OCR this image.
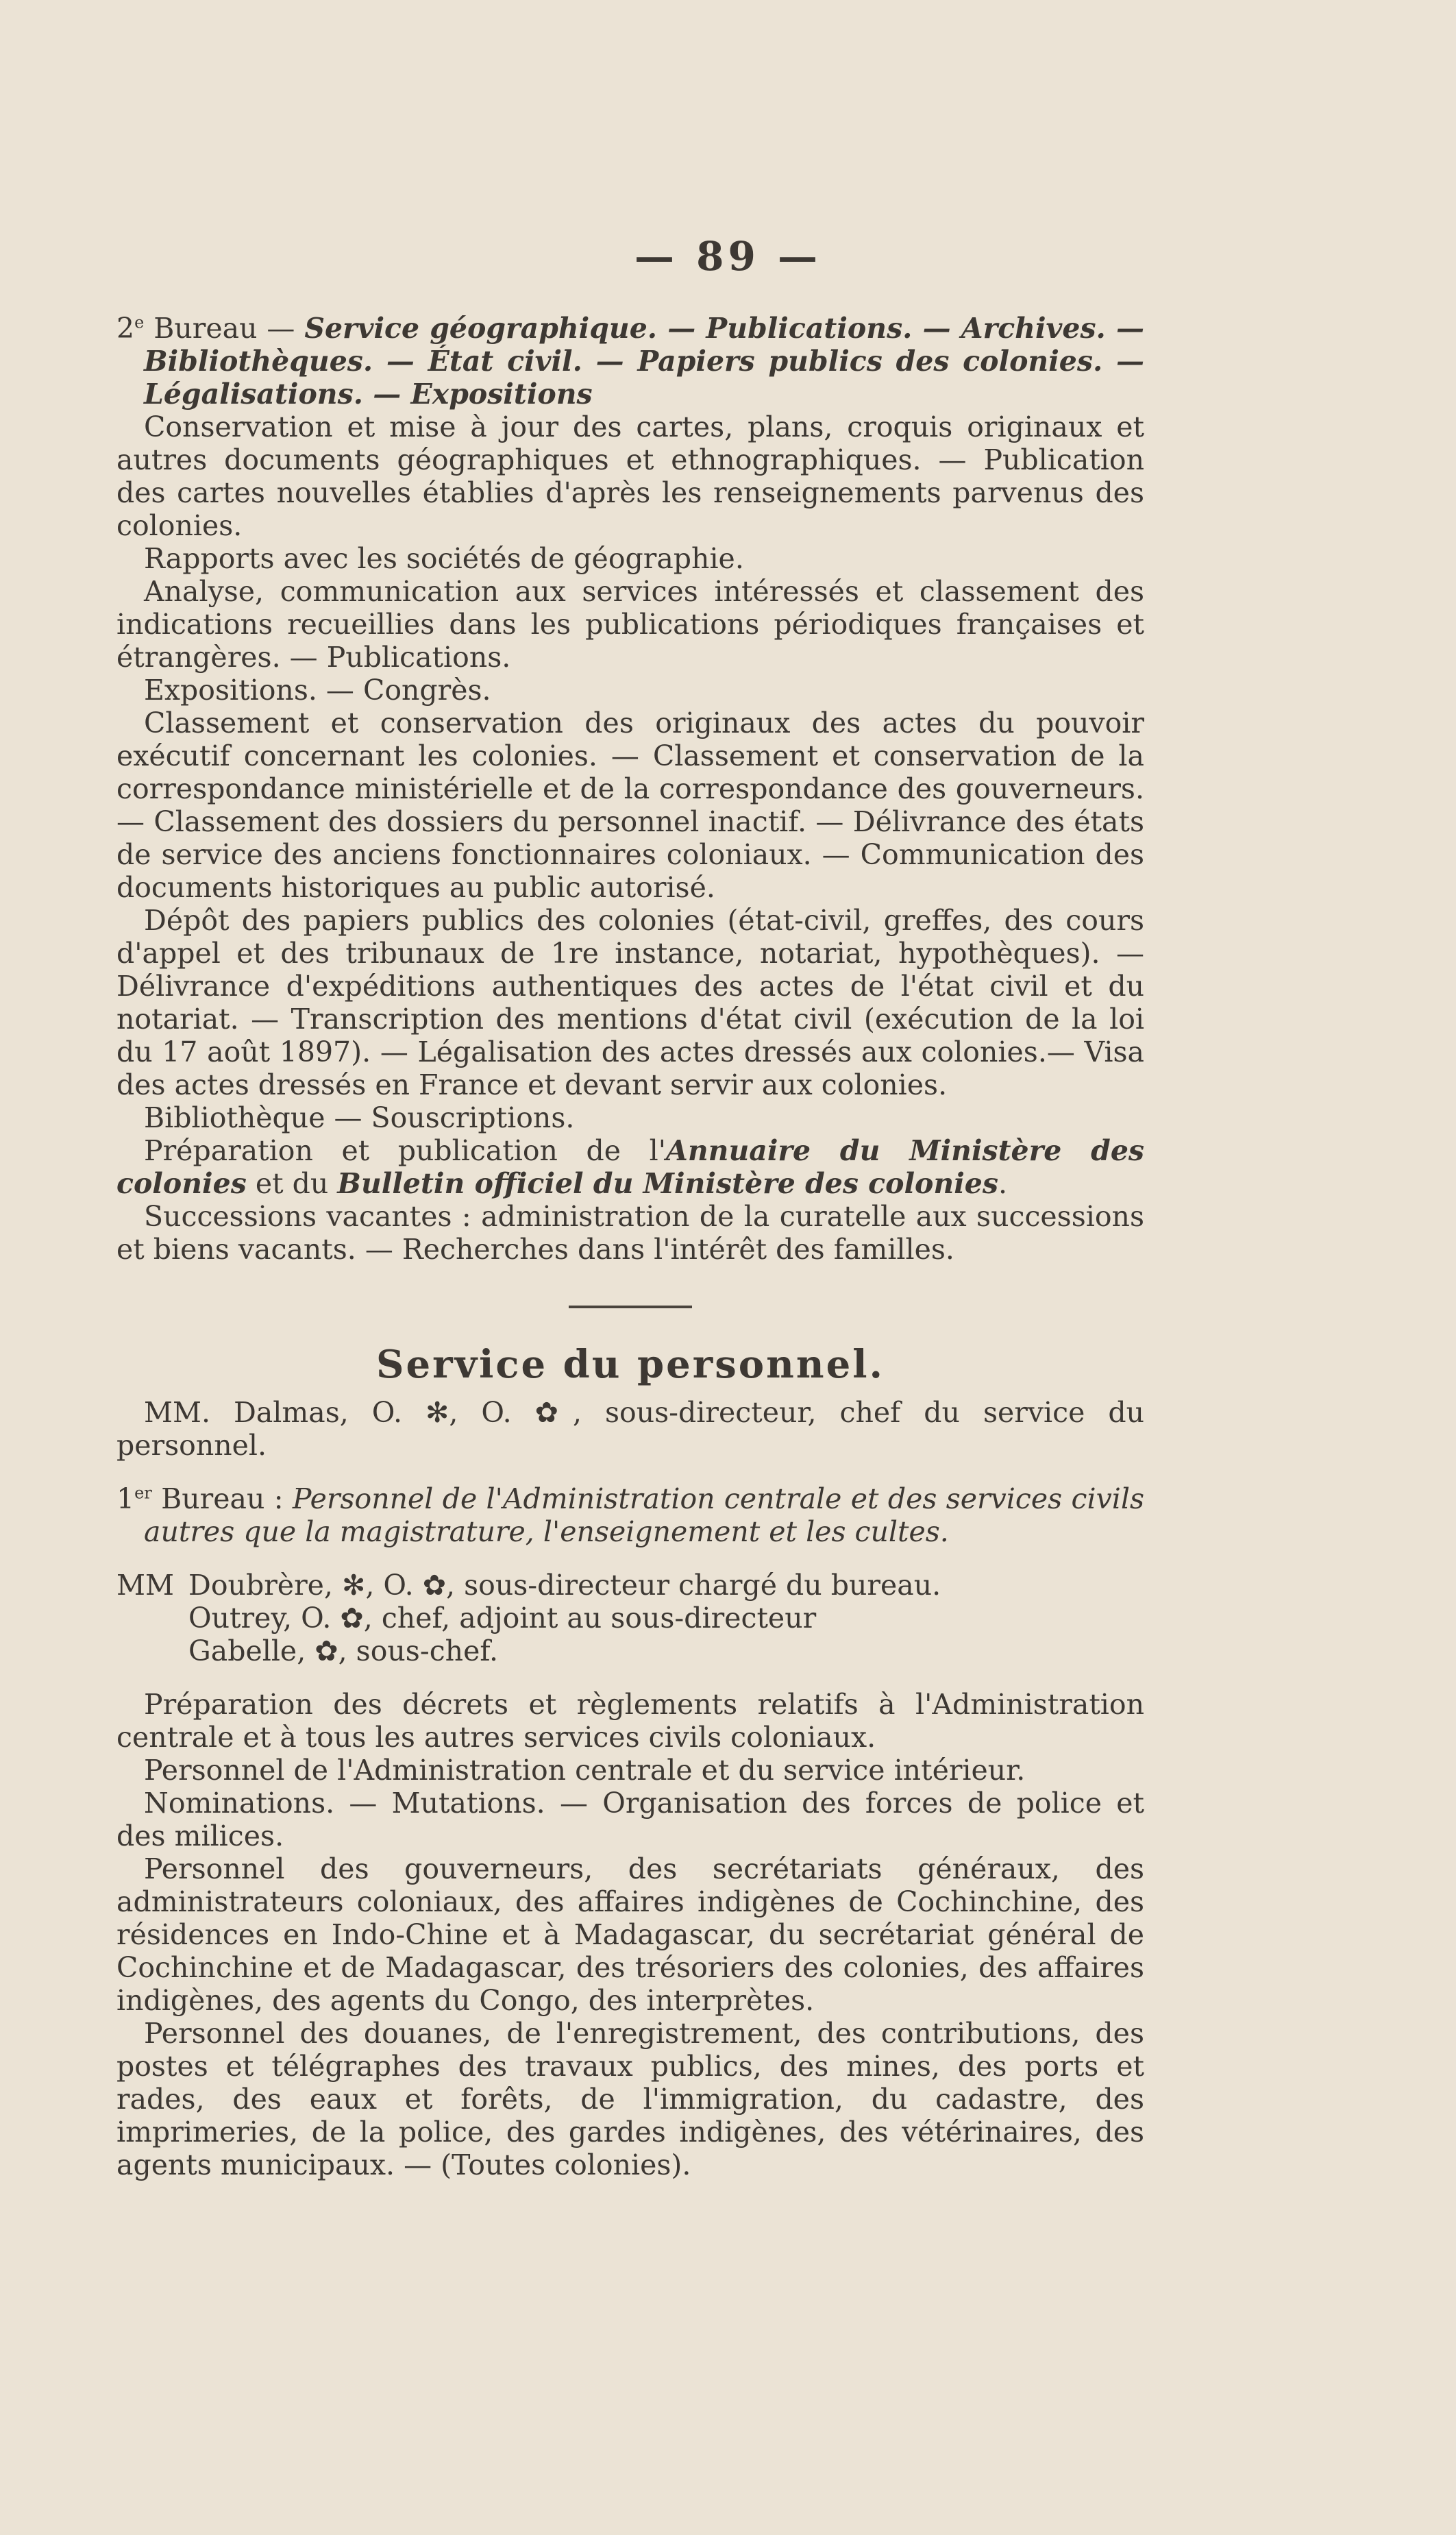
— 89 —

2e Bureau — Service géographique. — Publications. — Archives. — Bibliothèques. — État civil. — Papiers publics des colonies. — Légalisations. — Expositions

Conservation et mise à jour des cartes, plans, croquis originaux et autres documents géographiques et ethnographiques. — Publication des cartes nouvelles établies d'après les renseignements parvenus des colonies.

Rapports avec les sociétés de géographie.

Analyse, communication aux services intéressés et classement des indications recueillies dans les publications périodiques françaises et étrangères. — Publications.

Expositions. — Congrès.

Classement et conservation des originaux des actes du pouvoir exécutif concernant les colonies. — Classement et conservation de la correspondance ministérielle et de la correspondance des gouverneurs. — Classement des dossiers du personnel inactif. — Délivrance des états de service des anciens fonctionnaires coloniaux. — Communication des documents historiques au public autorisé.

Dépôt des papiers publics des colonies (état-civil, greffes, des cours d'appel et des tribunaux de 1re instance, notariat, hypothèques). — Délivrance d'expéditions authentiques des actes de l'état civil et du notariat. — Transcription des mentions d'état civil (exécution de la loi du 17 août 1897). — Légalisation des actes dressés aux colonies.— Visa des actes dressés en France et devant servir aux colonies.

Bibliothèque — Souscriptions.

Préparation et publication de l'Annuaire du Ministère des colonies et du Bulletin officiel du Ministère des colonies.

Successions vacantes : administration de la curatelle aux successions et biens vacants. — Recherches dans l'intérêt des familles.

Service du personnel.

MM. Dalmas, O. ✻, O. ✿, sous-directeur, chef du service du personnel.

1er Bureau : Personnel de l'Administration centrale et des services civils autres que la magistrature, l'enseignement et les cultes.

MM Doubrère, ✻, O. ✿, sous-directeur chargé du bureau.

Outrey, O. ✿, chef, adjoint au sous-directeur

Gabelle, ✿, sous-chef.

Préparation des décrets et règlements relatifs à l'Administration centrale et à tous les autres services civils coloniaux.

Personnel de l'Administration centrale et du service intérieur.

Nominations. — Mutations. — Organisation des forces de police et des milices.

Personnel des gouverneurs, des secrétariats généraux, des administrateurs coloniaux, des affaires indigènes de Cochinchine, des résidences en Indo-Chine et à Madagascar, du secrétariat général de Cochinchine et de Madagascar, des trésoriers des colonies, des affaires indigènes, des agents du Congo, des interprètes.

Personnel des douanes, de l'enregistrement, des contributions, des postes et télégraphes des travaux publics, des mines, des ports et rades, des eaux et forêts, de l'immigration, du cadastre, des imprimeries, de la police, des gardes indigènes, des vétérinaires, des agents municipaux. — (Toutes colonies).
